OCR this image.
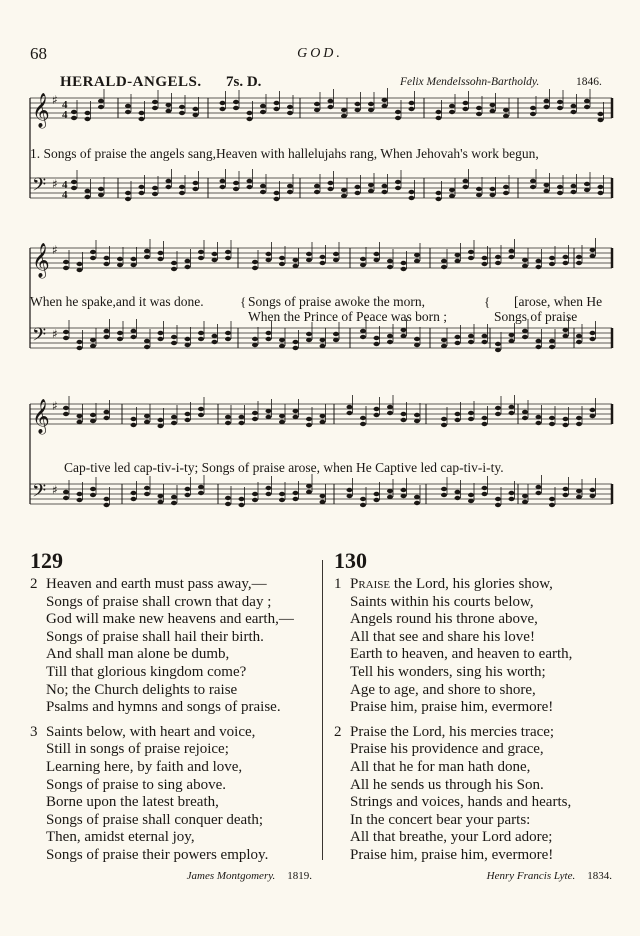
68	GOD.
HERALD-ANGELS. 7s. D.	Felix Mendelssohn-Bartholdy.	1846.
𝄞 ♯ 4
4
𝄢 ♯ 4
4
𝄞 ♯
𝄢 ♯
𝄞 ♯
𝄢 ♯
1. Songs of praise the angels sang,Heaven with hallelujahs rang, When Jehovah's work begun,
When he spake,and it was done.	{ Songs of praise awoke the morn,
When the Prince of Peace was born ;
{ [arose, when He
Songs of praise
Cap-tive led cap-tiv-i-ty; Songs of praise arose, when He Captive led cap-tiv-i-ty.
129
2 Heaven and earth must pass away,—
Songs of praise shall crown that day ;
God will make new heavens and earth,—
Songs of praise shall hail their birth.
And shall man alone be dumb,
Till that glorious kingdom come?
No; the Church delights to raise
Psalms and hymns and songs of praise.
3 Saints below, with heart and voice,
Still in songs of praise rejoice;
Learning here, by faith and love,
Songs of praise to sing above.
Borne upon the latest breath,
Songs of praise shall conquer death;
Then, amidst eternal joy,
Songs of praise their powers employ.
James Montgomery. 1819.
130
1 Praise the Lord, his glories show,
Saints within his courts below,
Angels round his throne above,
All that see and share his love!
Earth to heaven, and heaven to earth,
Tell his wonders, sing his worth;
Age to age, and shore to shore,
Praise him, praise him, evermore!
2 Praise the Lord, his mercies trace;
Praise his providence and grace,
All that he for man hath done,
All he sends us through his Son.
Strings and voices, hands and hearts,
In the concert bear your parts:
All that breathe, your Lord adore;
Praise him, praise him, evermore!
Henry Francis Lyte. 1834.
